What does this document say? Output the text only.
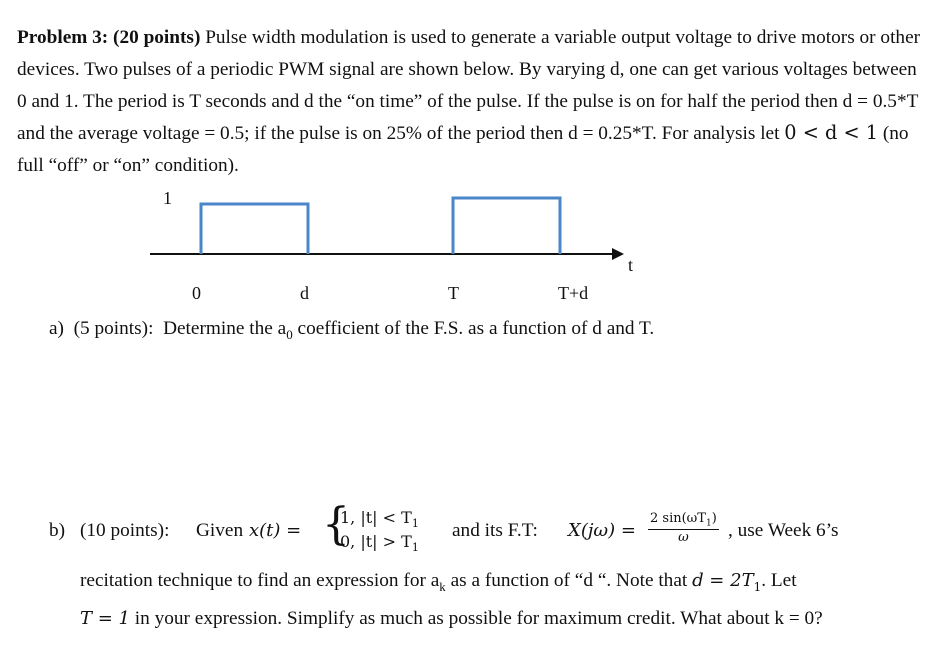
Problem 3: (20 points) Pulse width modulation is used to generate a variable output voltage to drive motors or other devices. Two pulses of a periodic PWM signal are shown below. By varying d, one can get various voltages between 0 and 1. The period is T seconds and d the “on time” of the pulse. If the pulse is on for half the period then d = 0.5*T and the average voltage = 0.5; if the pulse is on 25% of the period then d = 0.25*T. For analysis let 0 < d < 1 (no full “off” or “on” condition).
1
t
0	d	T	T+d
a) (5 points): Determine the $a_0$ coefficient of the F.S. as a function of d and T.
b) (10 points): Given x(t) = {
1, $|t| < T_1$
0, $|t| > T_1$
and its F.T: $X(j\omega) = \frac{2 \sin(\omega T_1)}{\omega}$ , use Week 6’s
recitation technique to find an expression for $a_k$ as a function of “d “. Note that $d = 2T_1$. Let
T = 1 in your expression. Simplify as much as possible for maximum credit. What about k = 0?
